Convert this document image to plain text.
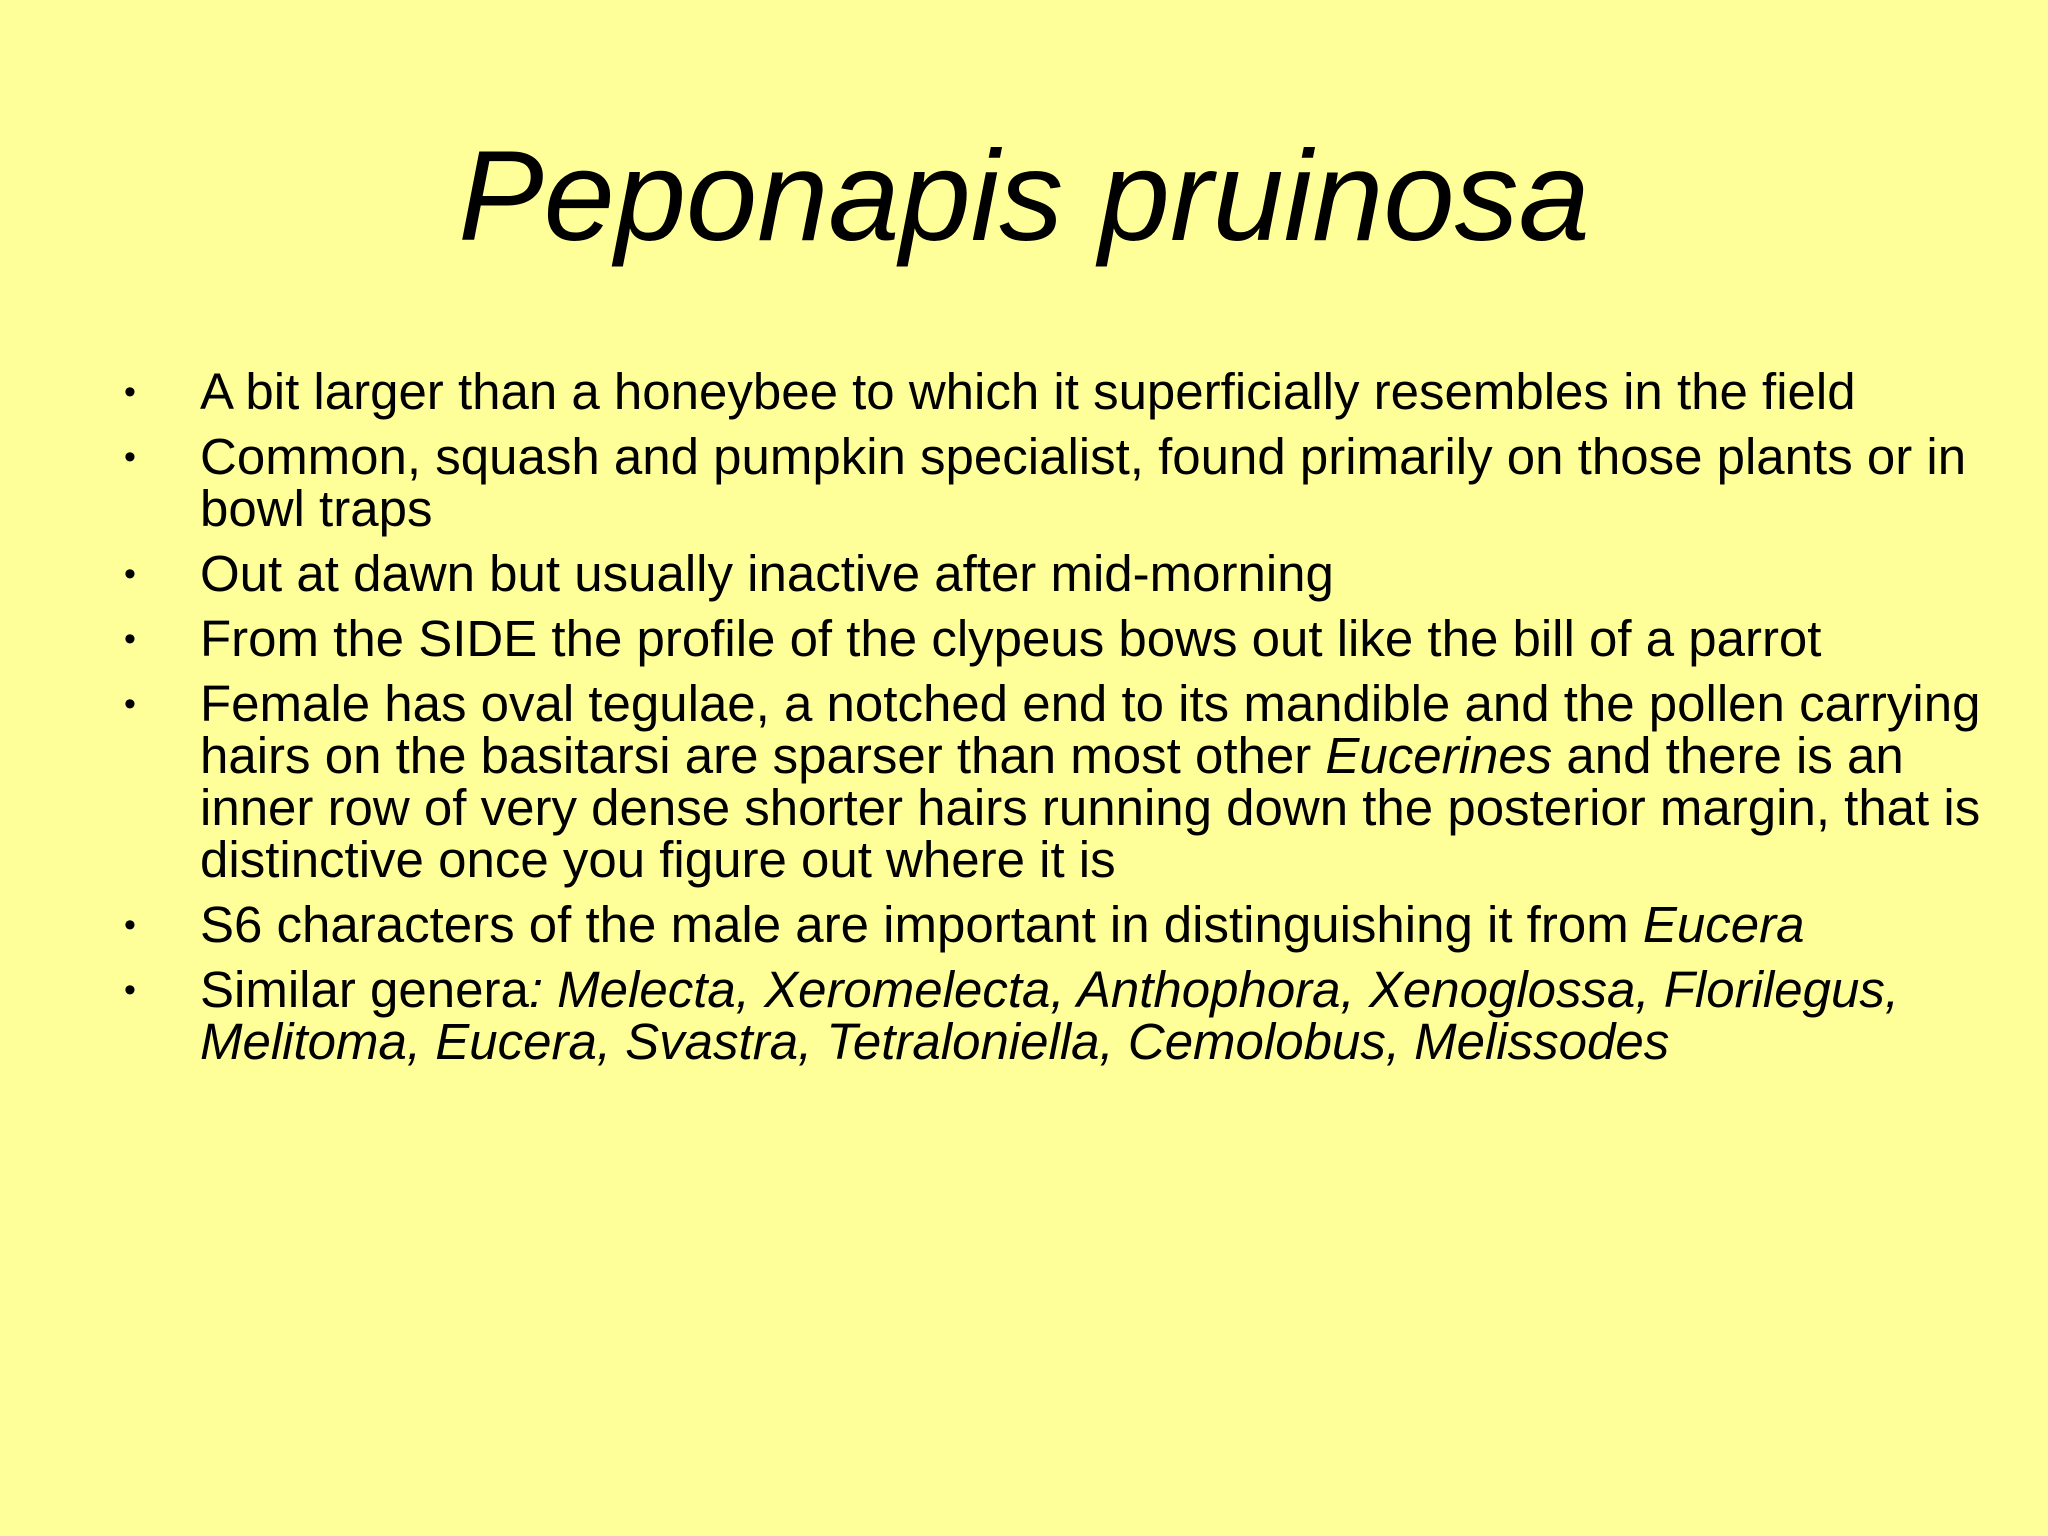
Peponapis pruinosa
• A bit larger than a honeybee to which it superficially resembles in the field
• Common, squash and pumpkin specialist, found primarily on those plants or in bowl traps
• Out at dawn but usually inactive after mid-morning
• From the SIDE the profile of the clypeus bows out like the bill of a parrot
• Female has oval tegulae, a notched end to its mandible and the pollen carrying hairs on the basitarsi are sparser than most other Eucerines and there is an inner row of very dense shorter hairs running down the posterior margin, that is distinctive once you figure out where it is
• S6 characters of the male are important in distinguishing it from Eucera
• Similar genera: Melecta, Xeromelecta, Anthophora, Xenoglossa, Florilegus, Melitoma, Eucera, Svastra, Tetraloniella, Cemolobus, Melissodes
